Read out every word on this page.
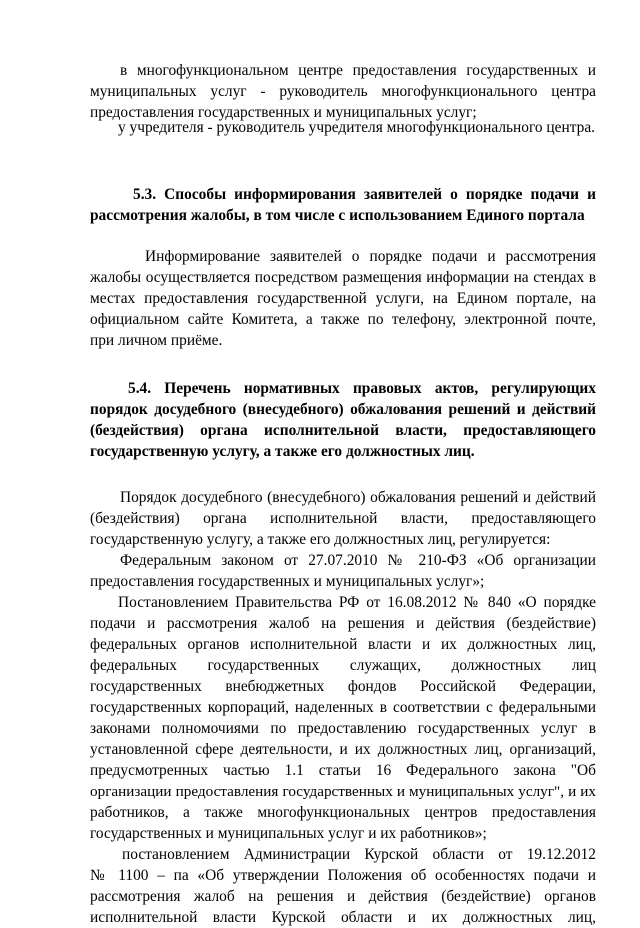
в многофункциональном центре предоставления государственных и
муниципальных услуг - руководитель многофункционального центра
предоставления государственных и муниципальных услуг;
у учредителя - руководитель учредителя многофункционального центра.
5.3. Способы информирования заявителей о порядке подачи и
рассмотрения жалобы, в том числе с использованием Единого портала
Информирование заявителей о порядке подачи и рассмотрения
жалобы осуществляется посредством размещения информации на стендах в
местах предоставления государственной услуги, на Едином портале, на
официальном сайте Комитета, а также по телефону, электронной почте,
при личном приёме.
5.4. Перечень нормативных правовых актов, регулирующих
порядок досудебного (внесудебного) обжалования решений и действий
(бездействия) органа исполнительной власти, предоставляющего
государственную услугу, а также его должностных лиц.
Порядок досудебного (внесудебного) обжалования решений и действий
(бездействия) органа исполнительной власти, предоставляющего
государственную услугу, а также его должностных лиц, регулируется:
Федеральным законом от 27.07.2010 № 210-ФЗ «Об организации
предоставления государственных и муниципальных услуг»;
Постановлением Правительства РФ от 16.08.2012 № 840 «О порядке
подачи и рассмотрения жалоб на решения и действия (бездействие)
федеральных органов исполнительной власти и их должностных лиц,
федеральных государственных служащих, должностных лиц
государственных внебюджетных фондов Российской Федерации,
государственных корпораций, наделенных в соответствии с федеральными
законами полномочиями по предоставлению государственных услуг в
установленной сфере деятельности, и их должностных лиц, организаций,
предусмотренных частью 1.1 статьи 16 Федерального закона "Об
организации предоставления государственных и муниципальных услуг", и их
работников, а также многофункциональных центров предоставления
государственных и муниципальных услуг и их работников»;
постановлением Администрации Курской области от 19.12.2012
№ 1100 – па «Об утверждении Положения об особенностях подачи и
рассмотрения жалоб на решения и действия (бездействие) органов
исполнительной власти Курской области и их должностных лиц,
